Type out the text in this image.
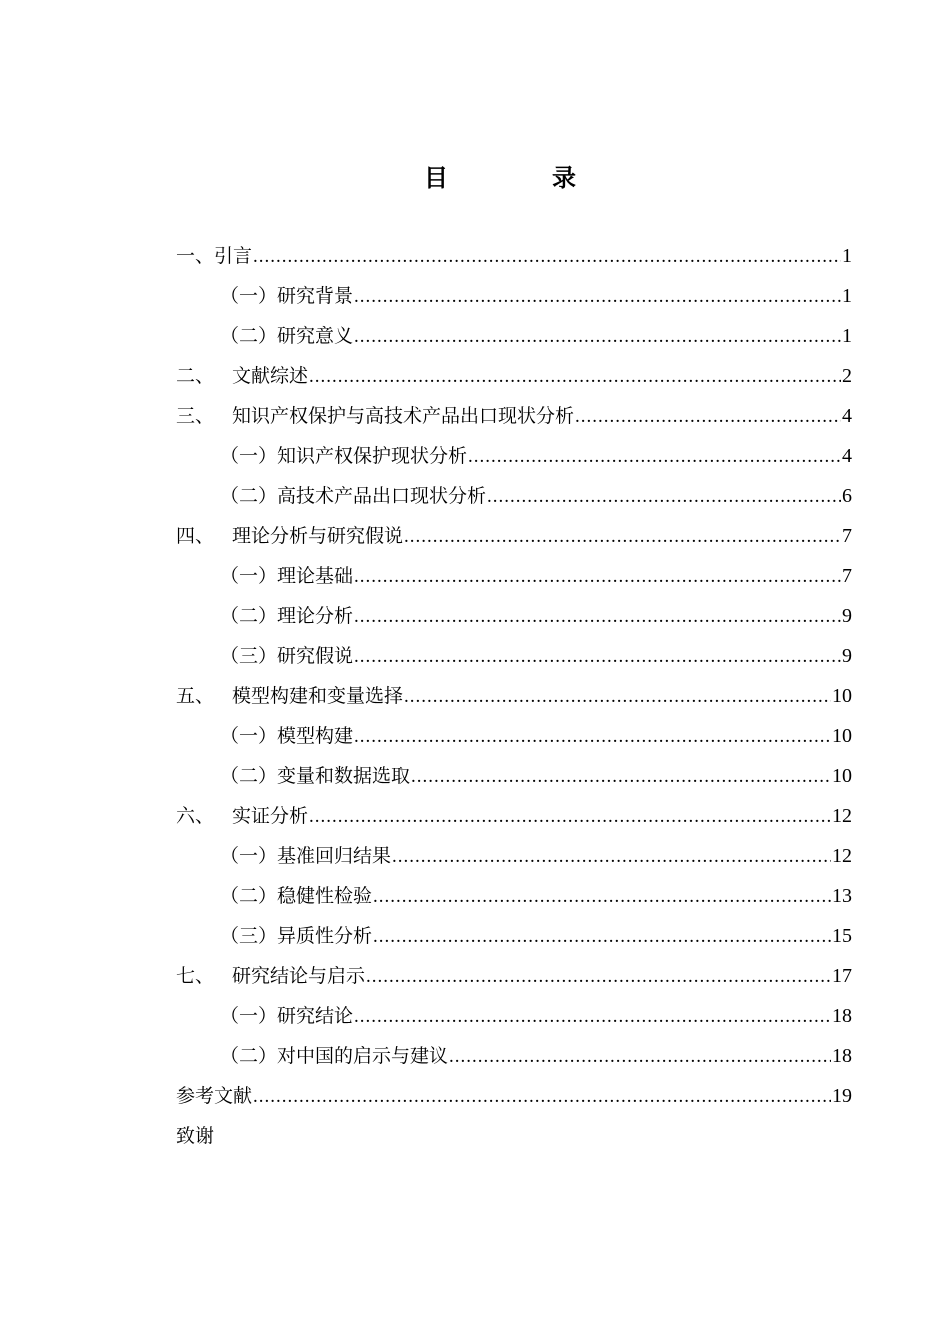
目　录
一、引言 .....	1
（一）研究背景 .....	1
（二）研究意义 .....	1
二、 文献综述 .....	2
三、 知识产权保护与高技术产品出口现状分析 .....	4
（一）知识产权保护现状分析 .....	4
（二）高技术产品出口现状分析 .....	6
四、 理论分析与研究假说 .....	7
（一）理论基础 .....	7
（二）理论分析 .....	9
（三）研究假说 .....	9
五、 模型构建和变量选择 .....	10
（一）模型构建 .....	10
（二）变量和数据选取 .....	10
六、 实证分析 .....	12
（一）基准回归结果 .....	12
（二）稳健性检验 .....	13
（三）异质性分析 .....	15
七、 研究结论与启示 .....	17
（一）研究结论 .....	18
（二）对中国的启示与建议 .....	18
参考文献 .....	19
致谢
